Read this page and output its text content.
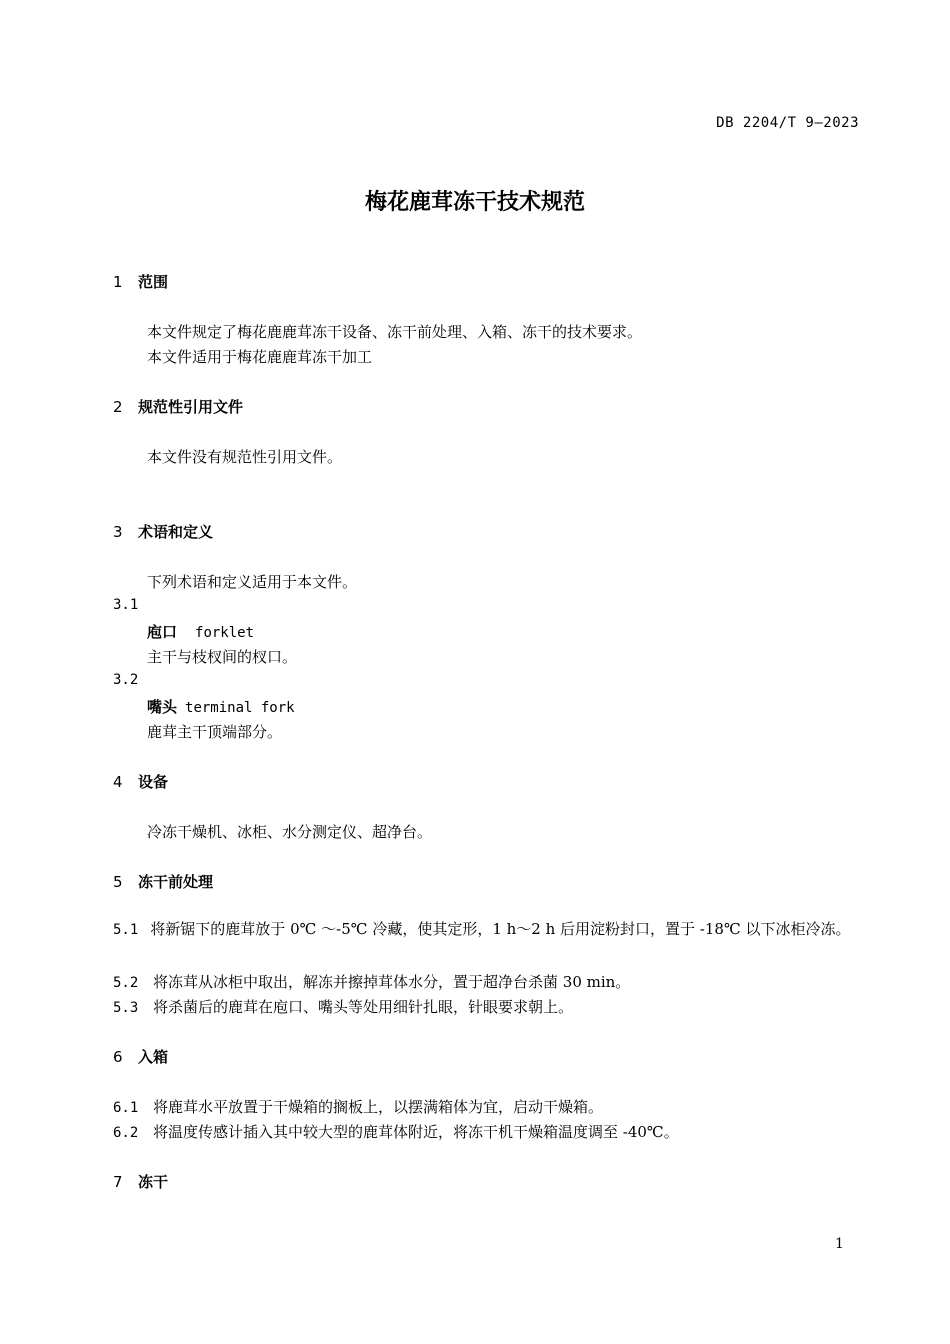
DB 2204/T 9—2023
梅花鹿茸冻干技术规范
1 范围
本文件规定了梅花鹿鹿茸冻干设备、冻干前处理、入箱、冻干的技术要求。
本文件适用于梅花鹿鹿茸冻干加工
2 规范性引用文件
本文件没有规范性引用文件。
3 术语和定义
下列术语和定义适用于本文件。
3.1
庖口 forklet
主干与枝杈间的杈口。
3.2
嘴头 terminal fork
鹿茸主干顶端部分。
4 设备
冷冻干燥机、冰柜、水分测定仪、超净台。
5 冻干前处理
5.1 将新锯下的鹿茸放于 0℃ ～-5℃ 冷藏，使其定形，1 h～2 h 后用淀粉封口，置于 -18℃ 以下冰柜冷冻。
5.2 将冻茸从冰柜中取出，解冻并擦掉茸体水分，置于超净台杀菌 30 min。
5.3 将杀菌后的鹿茸在庖口、嘴头等处用细针扎眼，针眼要求朝上。
6 入箱
6.1 将鹿茸水平放置于干燥箱的搁板上，以摆满箱体为宜，启动干燥箱。
6.2 将温度传感计插入其中较大型的鹿茸体附近，将冻干机干燥箱温度调至 -40℃。
7 冻干
1
